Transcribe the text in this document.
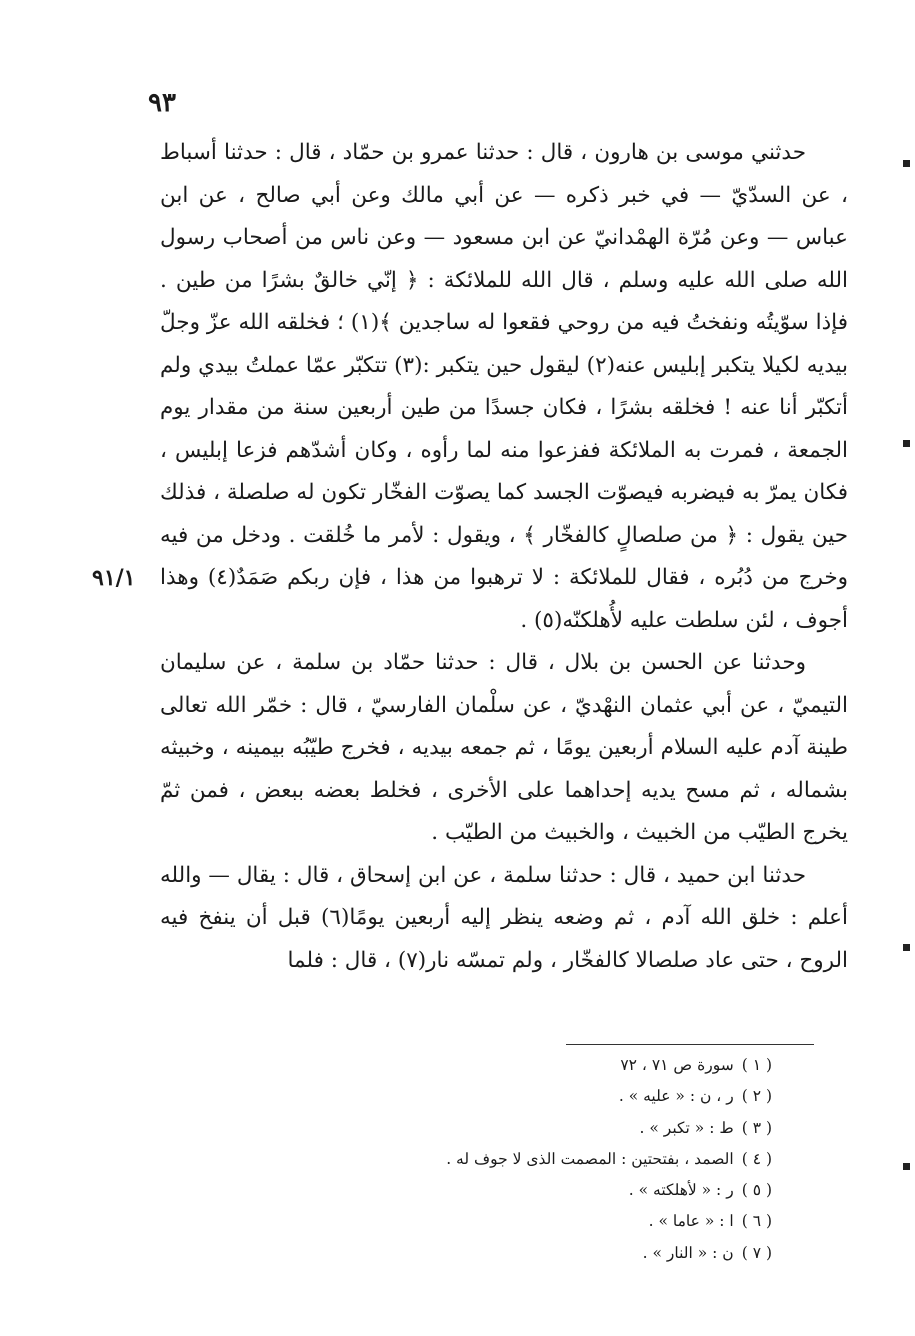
٩٣
٩١/١

حدثني موسى بن هارون ، قال : حدثنا عمرو بن حمّاد ، قال : حدثنا أسباط ، عن السدّيّ — في خبر ذكره — عن أبي مالك وعن أبي صالح ، عن ابن عباس — وعن مُرّة الهمْدانيّ عن ابن مسعود — وعن ناس من أصحاب رسول الله صلى الله عليه وسلم ، قال الله للملائكة : ﴿ إنّي خالقٌ بشرًا من طين . فإذا سوّيتُه ونفختُ فيه من روحي فقعوا له ساجدين ﴾(١) ؛ فخلقه الله عزّ وجلّ بيديه لكيلا يتكبر إبليس عنه(٢) ليقول حين يتكبر :(٣) تتكبّر عمّا عملتُ بيدي ولم أتكبّر أنا عنه ! فخلقه بشرًا ، فكان جسدًا من طين أربعين سنة من مقدار يوم الجمعة ، فمرت به الملائكة ففزعوا منه لما رأوه ، وكان أشدّهم فزعا إبليس ، فكان يمرّ به فيضربه فيصوّت الجسد كما يصوّت الفخّار تكون له صلصلة ، فذلك حين يقول : ﴿ من صلصالٍ كالفخّار ﴾ ، ويقول : لأمر ما خُلقت . ودخل من فيه وخرج من دُبُره ، فقال للملائكة : لا ترهبوا من هذا ، فإن ربكم صَمَدٌ(٤) وهذا أجوف ، لئن سلطت عليه لأُهلكنّه(٥) .

وحدثنا عن الحسن بن بلال ، قال : حدثنا حمّاد بن سلمة ، عن سليمان التيميّ ، عن أبي عثمان النهْديّ ، عن سلْمان الفارسيّ ، قال : خمّر الله تعالى طينة آدم عليه السلام أربعين يومًا ، ثم جمعه بيديه ، فخرج طيّبُه بيمينه ، وخبيثه بشماله ، ثم مسح يديه إحداهما على الأخرى ، فخلط بعضه ببعض ، فمن ثمّ يخرج الطيّب من الخبيث ، والخبيث من الطيّب .

حدثنا ابن حميد ، قال : حدثنا سلمة ، عن ابن إسحاق ، قال : يقال — والله أعلم : خلق الله آدم ، ثم وضعه ينظر إليه أربعين يومًا(٦) قبل أن ينفخ فيه الروح ، حتى عاد صلصالا كالفخّار ، ولم تمسّه نار(٧) ، قال : فلما

( ١ )سورة ص ٧١ ، ٧٢
( ٢ )ر ، ن : « عليه » .
( ٣ )ط : « تكبر » .
( ٤ )الصمد ، بفتحتين : المصمت الذى لا جوف له .
( ٥ )ر : « لأهلكته » .
( ٦ )ا : « عاما » .
( ٧ )ن : « النار » .
